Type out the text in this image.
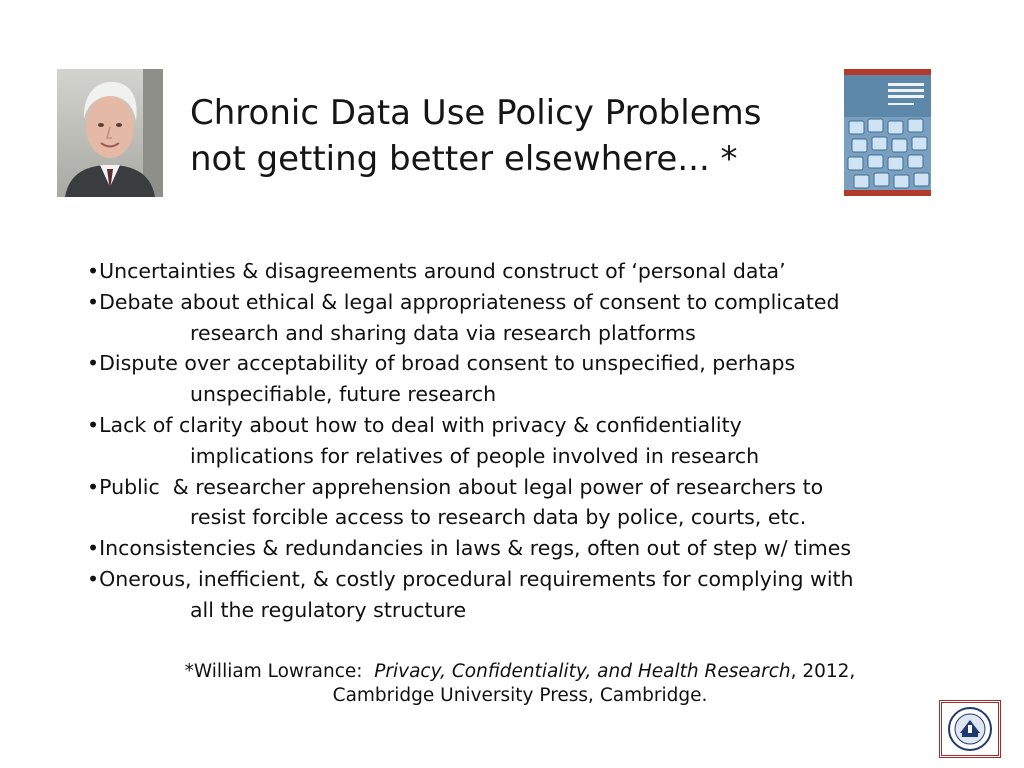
Chronic Data Use Policy Problems
not getting better elsewhere... *
•Uncertainties & disagreements around construct of ‘personal data’
•Debate about ethical & legal appropriateness of consent to complicated
research and sharing data via research platforms
•Dispute over acceptability of broad consent to unspecified, perhaps
unspecifiable, future research
•Lack of clarity about how to deal with privacy & confidentiality
implications for relatives of people involved in research
•Public  & researcher apprehension about legal power of researchers to
resist forcible access to research data by police, courts, etc.
•Inconsistencies & redundancies in laws & regs, often out of step w/ times
•Onerous, inefficient, & costly procedural requirements for complying with
all the regulatory structure
*William Lowrance:  Privacy, Confidentiality, and Health Research, 2012,
Cambridge University Press, Cambridge.
